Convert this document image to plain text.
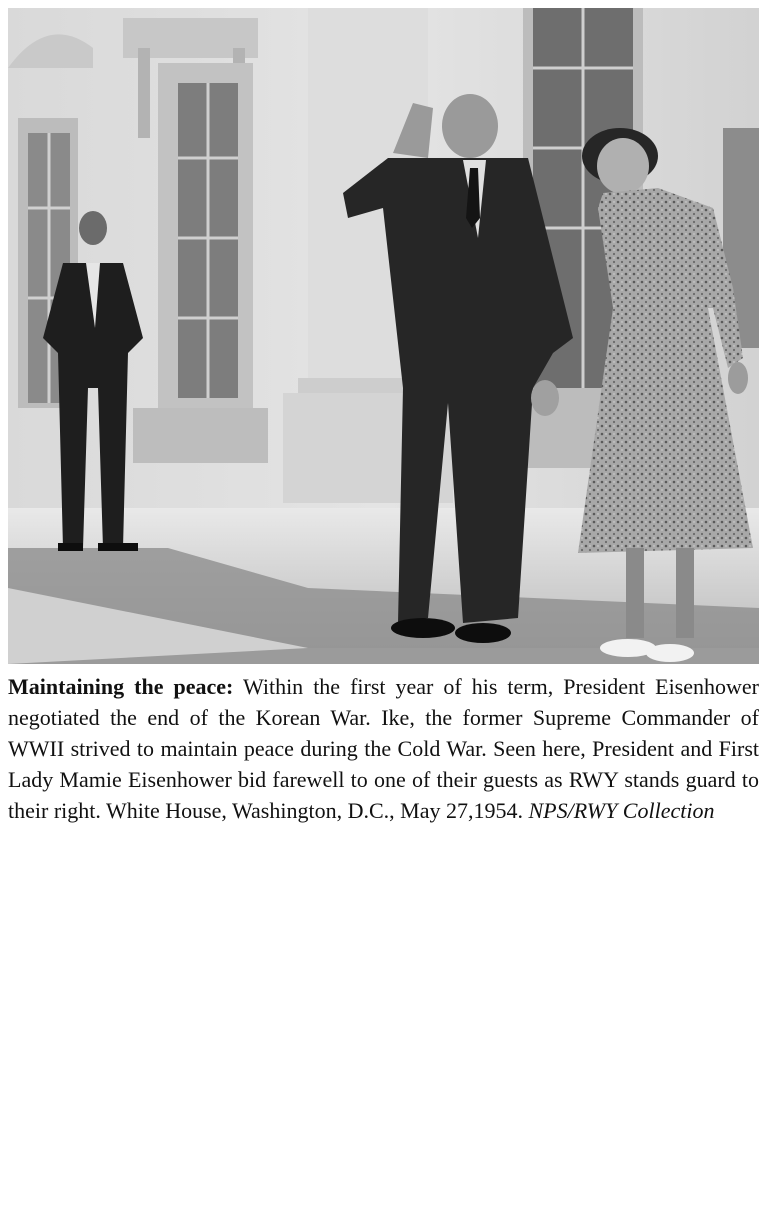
Maintaining the peace: Within the first year of his term, President Eisenhower negotiated the end of the Korean War. Ike, the former Supreme Commander of WWII strived to maintain peace during the Cold War. Seen here, President and First Lady Mamie Eisenhower bid farewell to one of their guests as RWY stands guard to their right. White House, Washington, D.C., May 27,1954. NPS/RWY Collection
